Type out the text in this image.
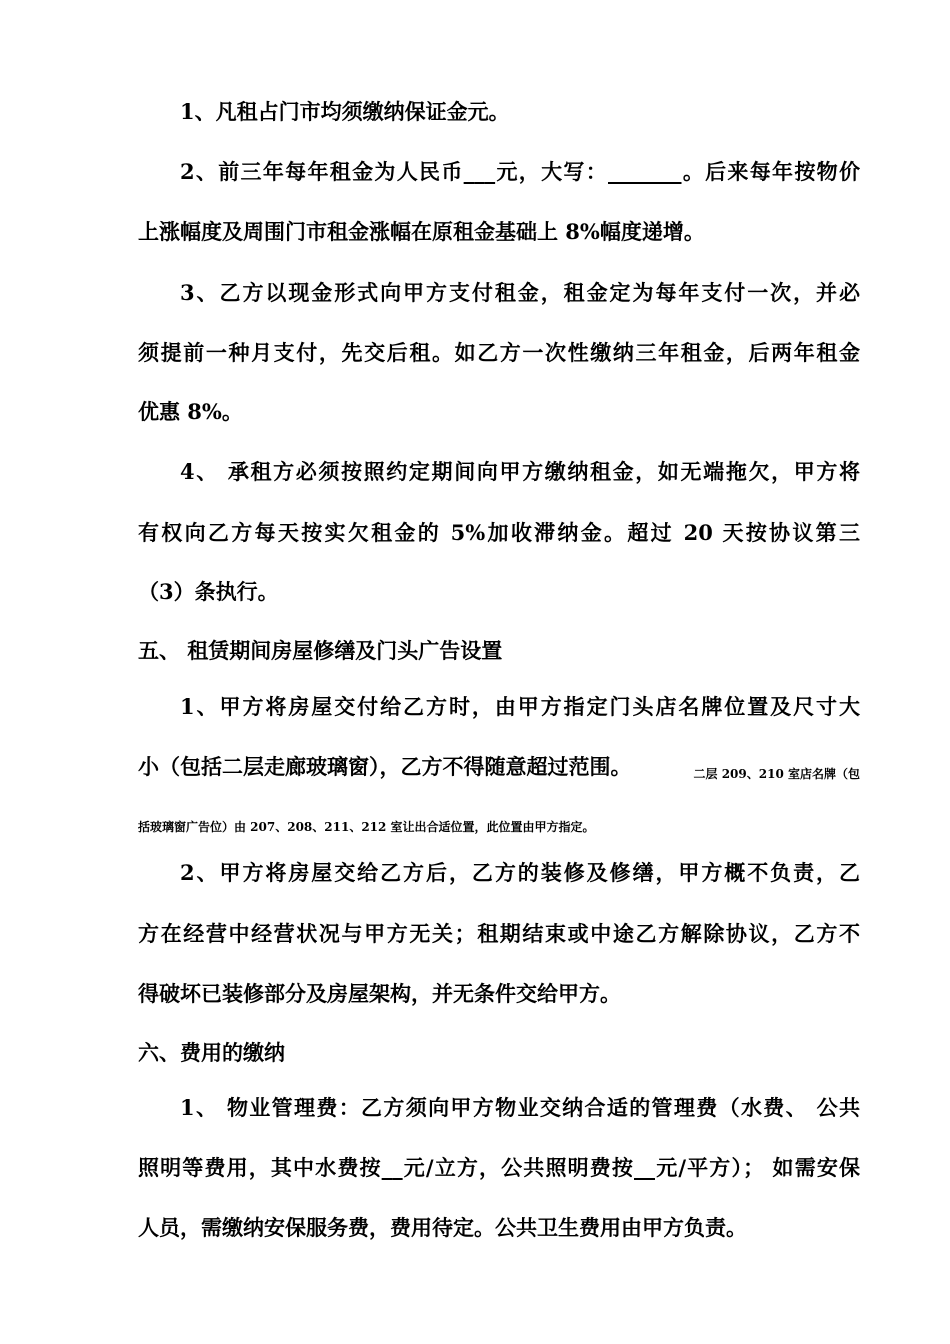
1、凡租占门市均须缴纳保证金元。
2、前三年每年租金为人民币___元，大写：_______。后来每年按物价
上涨幅度及周围门市租金涨幅在原租金基础上 8%幅度递增。
3、乙方以现金形式向甲方支付租金，租金定为每年支付一次，并必
须提前一种月支付，先交后租。如乙方一次性缴纳三年租金，后两年租金
优惠 8%。
4、 承租方必须按照约定期间向甲方缴纳租金，如无端拖欠，甲方将
有权向乙方每天按实欠租金的 5%加收滞纳金。超过 20 天按协议第三
（3）条执行。
五、 租赁期间房屋修缮及门头广告设置
1、甲方将房屋交付给乙方时，由甲方指定门头店名牌位置及尺寸大
小（包括二层走廊玻璃窗），乙方不得随意超过范围。	二层 209、210 室店名牌（包
括玻璃窗广告位）由 207、208、211、212 室让出合适位置，此位置由甲方指定。
2、甲方将房屋交给乙方后，乙方的装修及修缮，甲方概不负责，乙
方在经营中经营状况与甲方无关；租期结束或中途乙方解除协议，乙方不
得破坏已装修部分及房屋架构，并无条件交给甲方。
六、费用的缴纳
1、 物业管理费：乙方须向甲方物业交纳合适的管理费（水费、 公共
照明等费用，其中水费按__元/立方，公共照明费按__元/平方）； 如需安保
人员，需缴纳安保服务费，费用待定。公共卫生费用由甲方负责。
